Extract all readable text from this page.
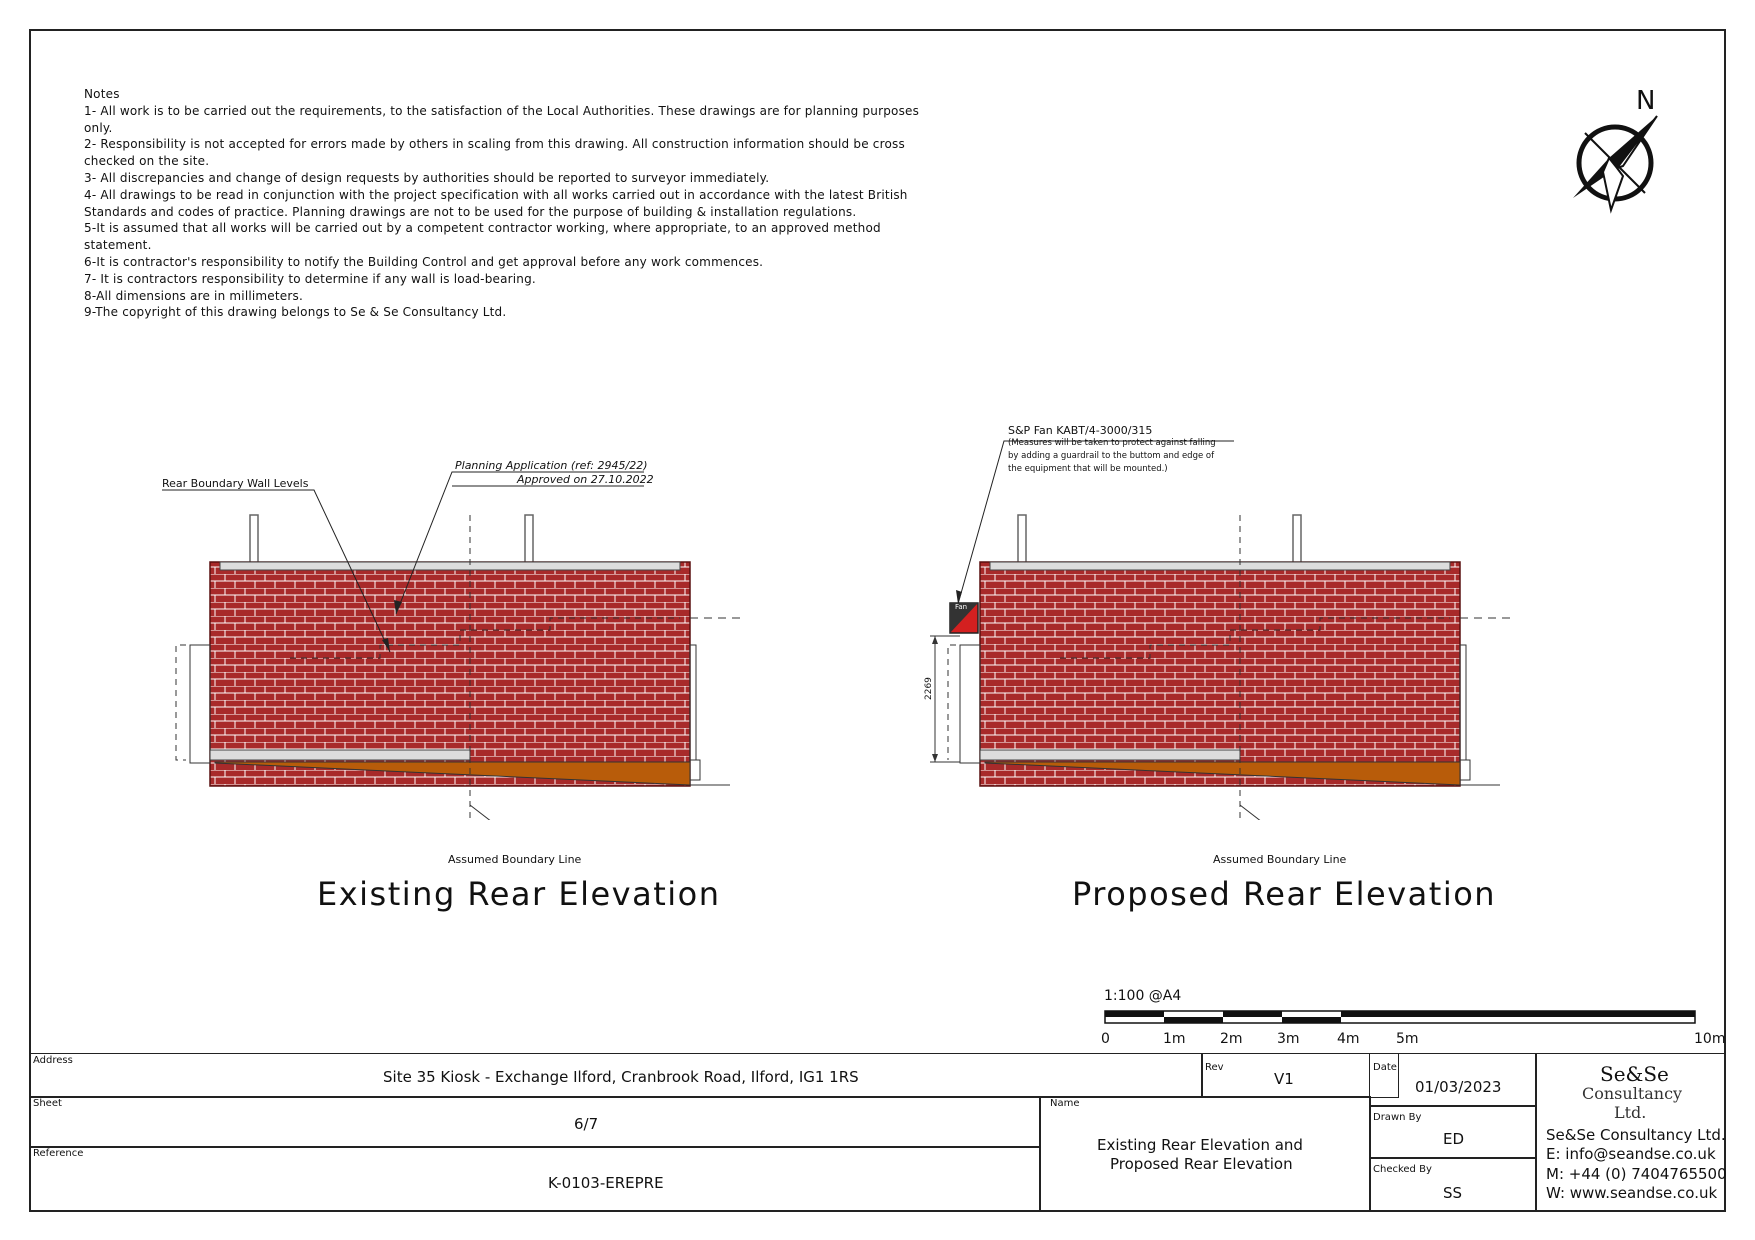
Notes
1- All work is to be carried out the requirements, to the satisfaction of the Local Authorities. These drawings are for planning purposes
only.
2- Responsibility is not accepted for errors made by others in scaling from this drawing. All construction information should be cross
checked on the site.
3- All discrepancies and change of design requests by authorities should be reported to surveyor immediately.
4- All drawings to be read in conjunction with the project specification with all works carried out in accordance with the latest British
Standards and codes of practice. Planning drawings are not to be used for the purpose of building & installation regulations.
5-It is assumed that all works will be carried out by a competent contractor working, where appropriate, to an approved method
statement.
6-It is contractor's responsibility to notify the Building Control and get approval before any work commences.
7- It is contractors responsibility to determine if any wall is load-bearing.
8-All dimensions are in millimeters.
9-The copyright of this drawing belongs to Se & Se Consultancy Ltd.
N
Rear Boundary Wall Levels
Planning Application (ref: 2945/22)
Approved on 27.10.2022
Assumed Boundary Line
Existing Rear Elevation
Fan
2269
S&P Fan KABT/4-3000/315
(Measures will be taken to protect against falling
by adding a guardrail to the buttom and edge of
the equipment that will be mounted.)
Assumed Boundary Line
Proposed Rear Elevation
1:100 @A4
0	1m 2m 3m	4m	5m	10m
Address
Site 35 Kiosk - Exchange Ilford, Cranbrook Road, Ilford, IG1 1RS
Rev
V1
Date
01/03/2023
Sheet
6/7
Reference
K-0103-EREPRE
Name
Existing Rear Elevation and
Proposed Rear Elevation
Drawn By
ED
Checked By
SS
Se&Se
Consultancy
Ltd.
Se&Se Consultancy Ltd.
E: info@seandse.co.uk
M: +44 (0) 7404765500
W: www.seandse.co.uk
